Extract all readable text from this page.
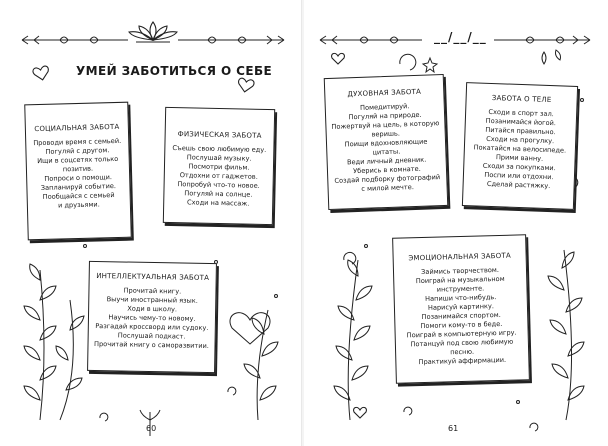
УМЕЙ ЗАБОТИТЬСЯ О СЕБЕ
СОЦИАЛЬНАЯ ЗАБОТА
Проводи время с семьей.
Погуляй с другом.
Ищи в соцсетях только
позитив.
Попроси о помощи.
Запланируй событие.
Пообщайся с семьей
и друзьями.
ФИЗИЧЕСКАЯ ЗАБОТА
Съешь свою любимую еду.
Послушай музыку.
Посмотри фильм.
Отдохни от гаджетов.
Попробуй что-то новое.
Погуляй на солнце.
Сходи на массаж.
ИНТЕЛЛЕКТУАЛЬНАЯ ЗАБОТА
Прочитай книгу.
Выучи иностранный язык.
Ходи в школу.
Научись чему-то новому.
Разгадай кроссворд или судоку.
Послушай подкаст.
Прочитай книгу о саморазвитии.
60
__/__/__
ДУХОВНАЯ ЗАБОТА
Помедитируй.
Погуляй на природе.
Пожертвуй на цель, в которую
веришь.
Поищи вдохновляющие
цитаты.
Веди личный дневник.
Уберись в комнате.
Создай подборку фотографий
с милой мечте.
ЗАБОТА О ТЕЛЕ
Сходи в спорт зал.
Позанимайся йогой.
Питайся правильно.
Сходи на прогулку.
Покатайся на велосипеде.
Прими ванну.
Сходи за покупками.
Поспи или отдохни.
Сделай растяжку.
ЭМОЦИОНАЛЬНАЯ ЗАБОТА
Займись творчеством.
Поиграй на музыкальном
инструменте.
Напиши что-нибудь.
Нарисуй картинку.
Позанимайся спортом.
Помоги кому-то в беде.
Поиграй в компьютерную игру.
Потанцуй под свою любимую
песню.
Практикуй аффирмации.
61
